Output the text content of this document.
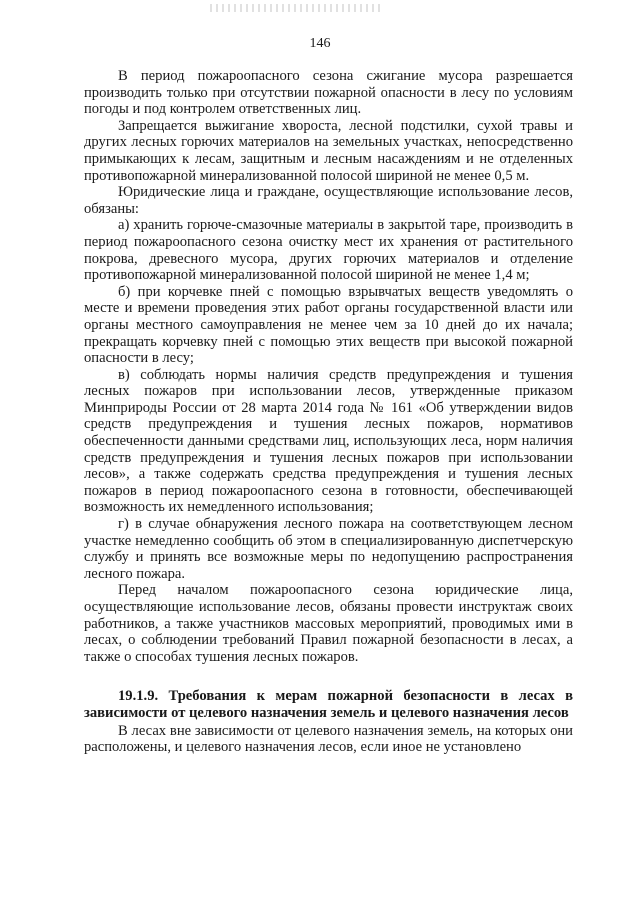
146

В период пожароопасного сезона сжигание мусора разрешается производить только при отсутствии пожарной опасности в лесу по условиям погоды и под контролем ответственных лиц.

Запрещается выжигание хвороста, лесной подстилки, сухой травы и других лесных горючих материалов на земельных участках, непосредственно примыкающих к лесам, защитным и лесным насаждениям и не отделенных противопожарной минерализованной полосой шириной не менее 0,5 м.

Юридические лица и граждане, осуществляющие использование лесов, обязаны:

а) хранить горюче-смазочные материалы в закрытой таре, производить в период пожароопасного сезона очистку мест их хранения от растительного покрова, древесного мусора, других горючих материалов и отделение противопожарной минерализованной полосой шириной не менее 1,4 м;

б) при корчевке пней с помощью взрывчатых веществ уведомлять о месте и времени проведения этих работ органы государственной власти или органы местного самоуправления не менее чем за 10 дней до их начала; прекращать корчевку пней с помощью этих веществ при высокой пожарной опасности в лесу;

в) соблюдать нормы наличия средств предупреждения и тушения лесных пожаров при использовании лесов, утвержденные приказом Минприроды России от 28 марта 2014 года № 161 «Об утверждении видов средств предупреждения и тушения лесных пожаров, нормативов обеспеченности данными средствами лиц, использующих леса, норм наличия средств предупреждения и тушения лесных пожаров при использовании лесов», а также содержать средства предупреждения и тушения лесных пожаров в период пожароопасного сезона в готовности, обеспечивающей возможность их немедленного использования;

г) в случае обнаружения лесного пожара на соответствующем лесном участке немедленно сообщить об этом в специализированную диспетчерскую службу и принять все возможные меры по недопущению распространения лесного пожара.

Перед началом пожароопасного сезона юридические лица, осуществляющие использование лесов, обязаны провести инструктаж своих работников, а также участников массовых мероприятий, проводимых ими в лесах, о соблюдении требований Правил пожарной безопасности в лесах, а также о способах тушения лесных пожаров.

19.1.9. Требования к мерам пожарной безопасности в лесах в зависимости от целевого назначения земель и целевого назначения лесов

В лесах вне зависимости от целевого назначения земель, на которых они расположены, и целевого назначения лесов, если иное не установлено
